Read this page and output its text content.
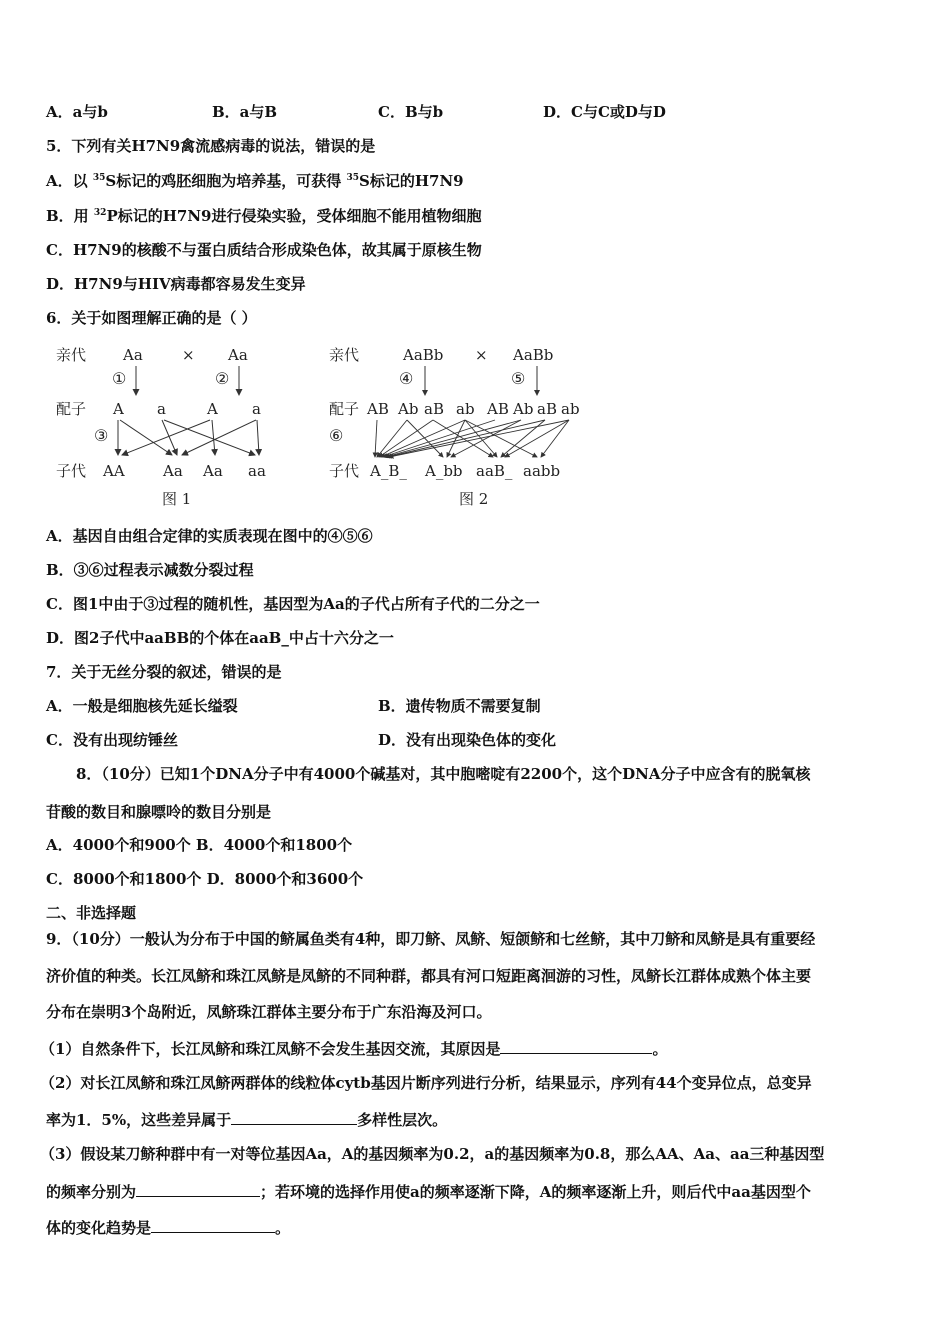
A．a与b	B．a与B	C．B与b	D．C与C或D与D
5．下列有关H7N9禽流感病毒的说法，错误的是
A．以 $^{35}$S标记的鸡胚细胞为培养基，可获得 $^{35}$S标记的H7N9
B．用 $^{32}$P标记的H7N9进行侵染实验，受体细胞不能用植物细胞
C．H7N9的核酸不与蛋白质结合形成染色体，故其属于原核生物
D．H7N9与HIV病毒都容易发生变异
6．关于如图理解正确的是（ ）
亲代 Aa	× Aa
①	②
配子 A a	A a
③
子代 AA	Aa Aa aa
图 1
亲代	AaBb × AaBb
④	⑤
配子 AB Ab aB ab AB Ab aB ab
⑥
子代 A_B_ A_bb aaB_ aabb
图 2
A．基因自由组合定律的实质表现在图中的④⑤⑥
B．③⑥过程表示减数分裂过程
C．图1中由于③过程的随机性，基因型为Aa的子代占所有子代的二分之一
D．图2子代中aaBB的个体在aaB_中占十六分之一
7．关于无丝分裂的叙述，错误的是
A．一般是细胞核先延长缢裂	B．遗传物质不需要复制
C．没有出现纺锤丝	D．没有出现染色体的变化
8．（10分）已知1个DNA分子中有4000个碱基对，其中胞嘧啶有2200个，这个DNA分子中应含有的脱氧核
苷酸的数目和腺嘌呤的数目分别是
A．4000个和900个 B．4000个和1800个
C．8000个和1800个 D．8000个和3600个
二、非选择题
9．（10分）一般认为分布于中国的鲚属鱼类有4种，即刀鲚、凤鲚、短颌鲚和七丝鲚，其中刀鲚和凤鲚是具有重要经
济价值的种类。长江凤鲚和珠江凤鲚是凤鲚的不同种群，都具有河口短距离洄游的习性，凤鲚长江群体成熟个体主要
分布在崇明3个岛附近，凤鲚珠江群体主要分布于广东沿海及河口。
（1）自然条件下，长江凤鲚和珠江凤鲚不会发生基因交流，其原因是	。
（2）对长江凤鲚和珠江凤鲚两群体的线粒体cytb基因片断序列进行分析，结果显示，序列有44个变异位点，总变异
率为1．5%，这些差异属于	多样性层次。
（3）假设某刀鲚种群中有一对等位基因Aa，A的基因频率为0.2，a的基因频率为0.8，那么AA、Aa、aa三种基因型
的频率分别为	；若环境的选择作用使a的频率逐渐下降，A的频率逐渐上升，则后代中aa基因型个
体的变化趋势是	。
